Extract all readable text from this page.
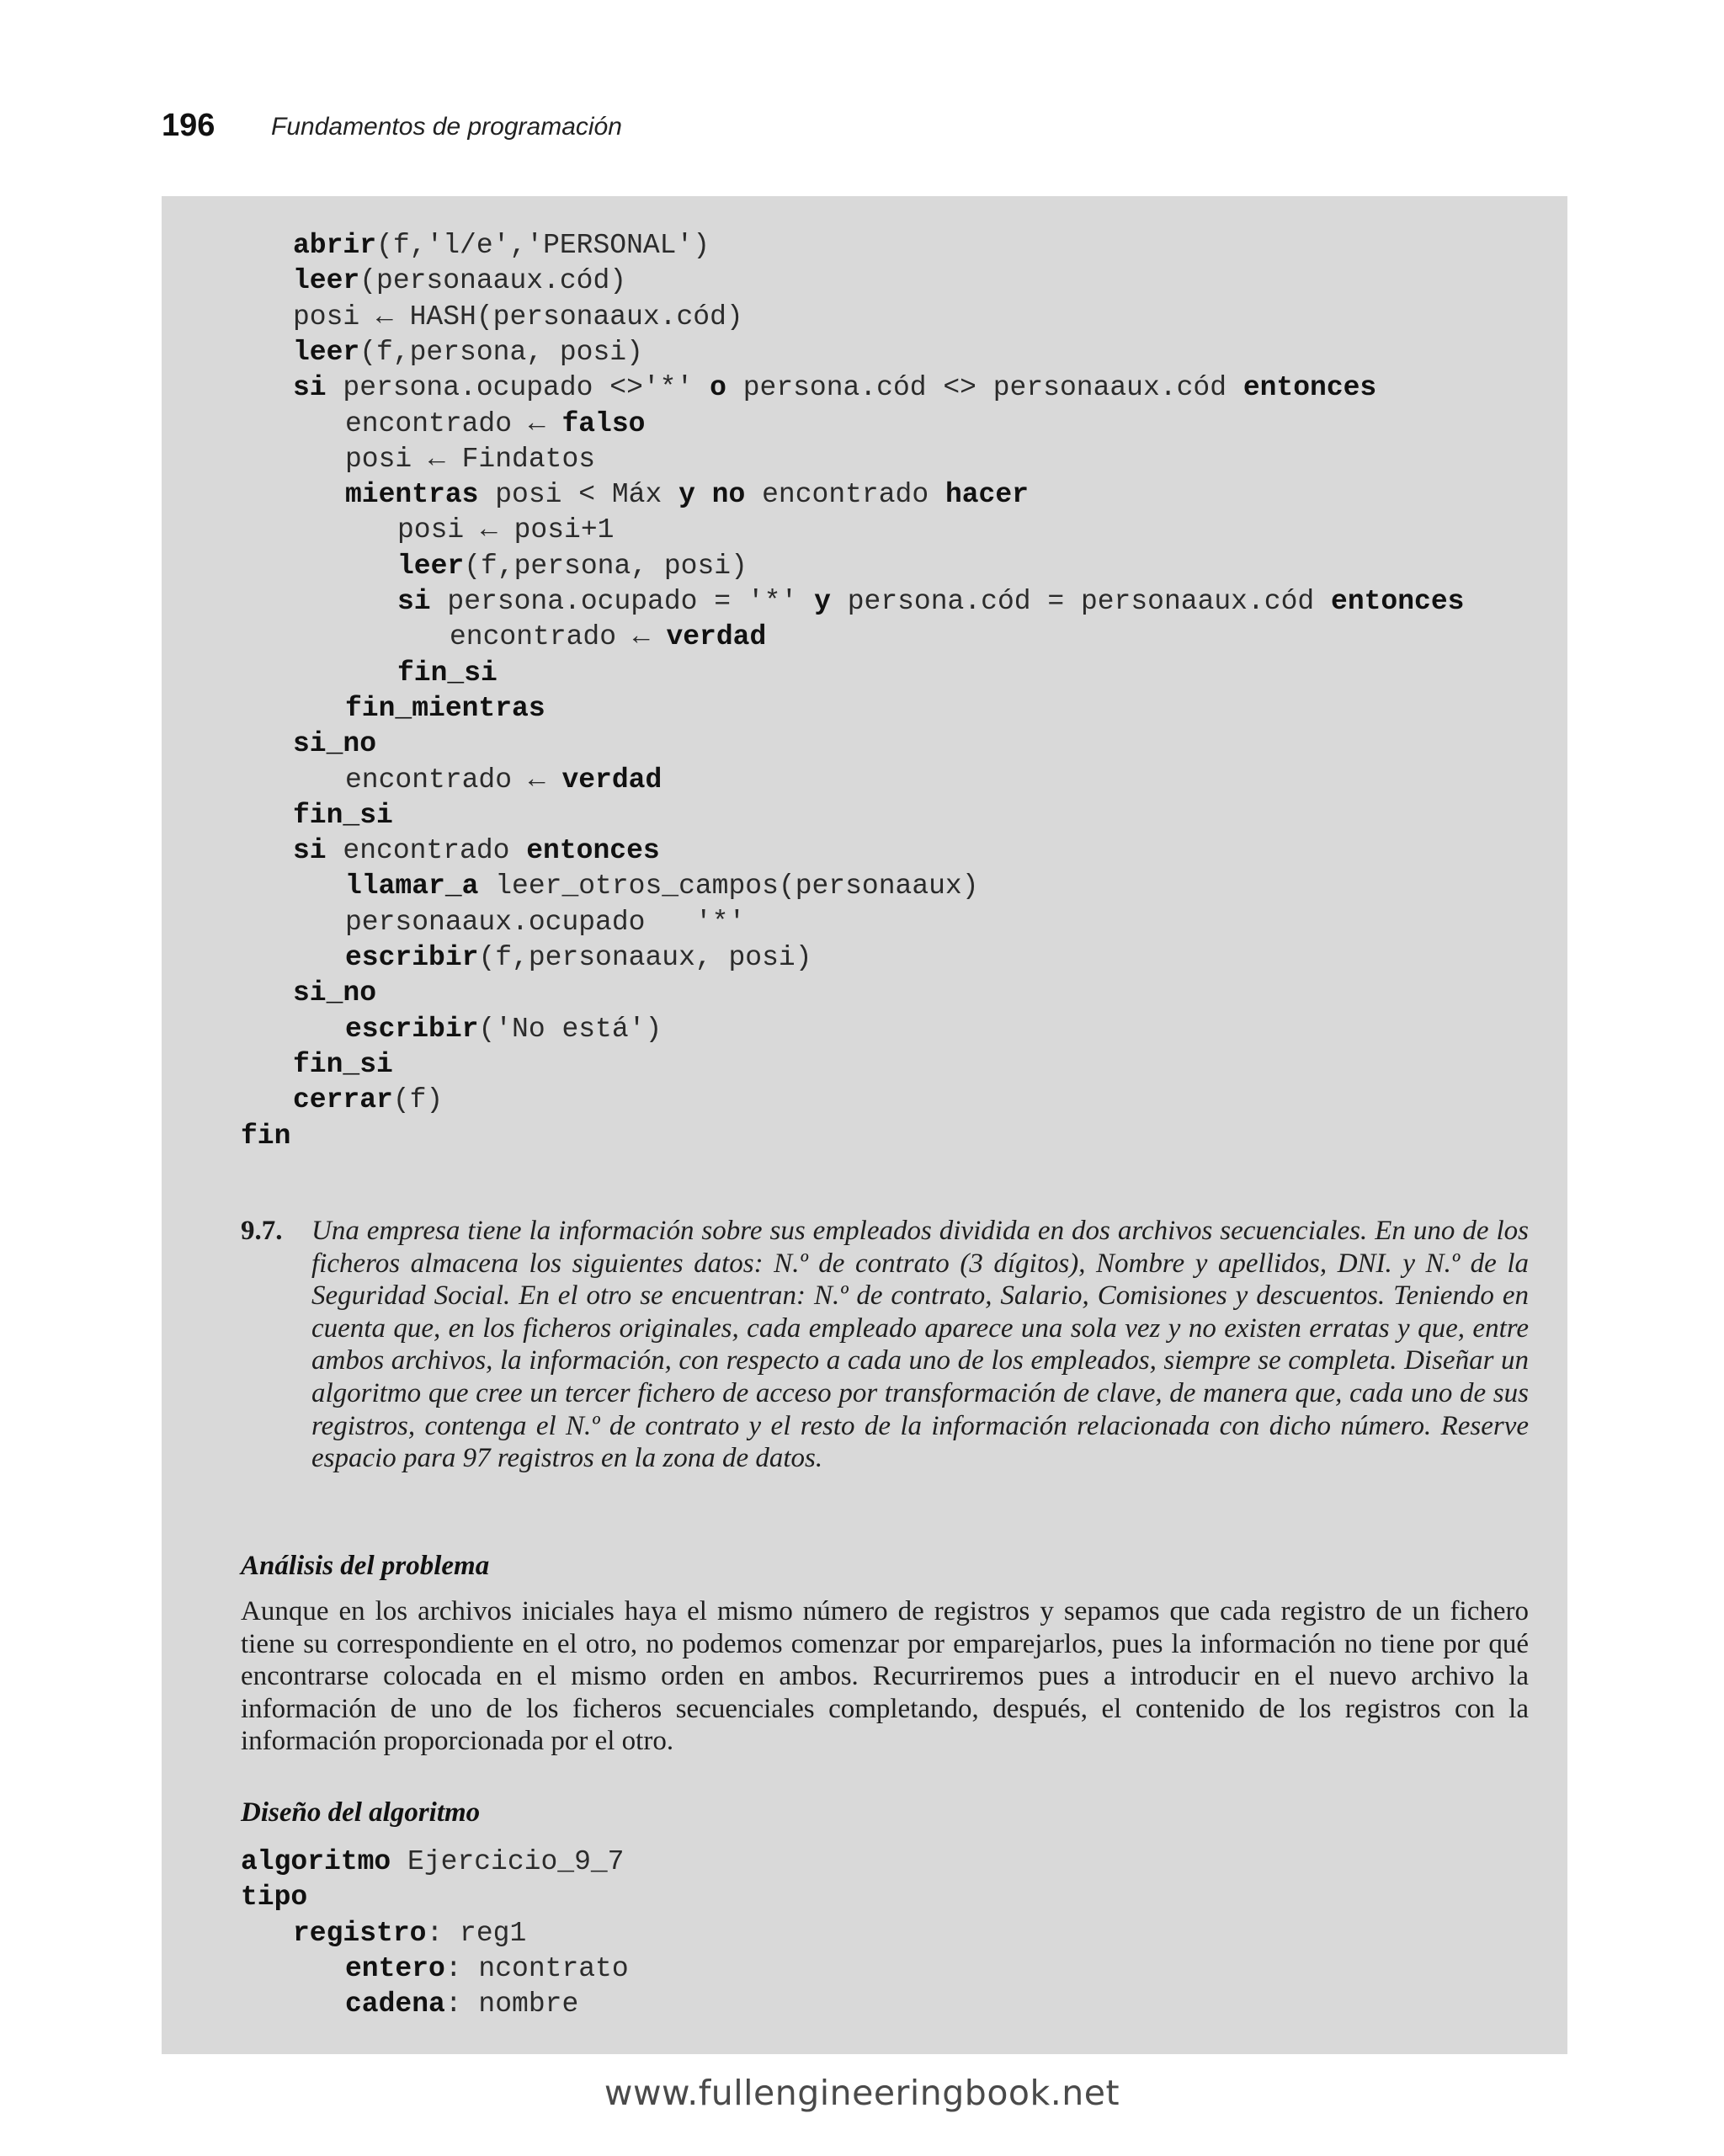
196 Fundamentos de programación
abrir(f,'l/e','PERSONAL')
leer(personaaux.cód)
posi ← HASH(personaaux.cód)
leer(f,persona, posi)
si persona.ocupado <>'*' o persona.cód <> personaaux.cód entonces
encontrado ← falso
posi ← Findatos
mientras posi < Máx y no encontrado hacer
posi ← posi+1
leer(f,persona, posi)
si persona.ocupado = '*' y persona.cód = personaaux.cód entonces
encontrado ← verdad
fin_si
fin_mientras
si_no
encontrado ← verdad
fin_si
si encontrado entonces
llamar_a leer_otros_campos(personaaux)
personaaux.ocupado   '*'
escribir(f,personaaux, posi)
si_no
escribir('No está')
fin_si
cerrar(f)
fin
9.7. Una empresa tiene la información sobre sus empleados dividida en dos archivos secuenciales. En uno de los ficheros almacena los siguientes datos: N.º de contrato (3 dígitos), Nombre y apellidos, DNI. y N.º de la Seguridad Social. En el otro se encuentran: N.º de contrato, Salario, Comisiones y descuentos. Teniendo en cuenta que, en los ficheros originales, cada empleado aparece una sola vez y no existen erratas y que, entre ambos archivos, la información, con respecto a cada uno de los empleados, siempre se completa. Diseñar un algoritmo que cree un tercer fichero de acceso por transformación de clave, de manera que, cada uno de sus registros, contenga el N.º de contrato y el resto de la información relacionada con dicho número. Reserve espacio para 97 registros en la zona de datos.

Análisis del problema

Aunque en los archivos iniciales haya el mismo número de registros y sepamos que cada registro de un fichero tiene su correspondiente en el otro, no podemos comenzar por emparejarlos, pues la información no tiene por qué encontrarse colocada en el mismo orden en ambos. Recurriremos pues a introducir en el nuevo archivo la información de uno de los ficheros secuenciales completando, después, el contenido de los registros con la información proporcionada por el otro.

Diseño del algoritmo
algoritmo Ejercicio_9_7
tipo
registro: reg1
entero: ncontrato
cadena: nombre
www.fullengineeringbook.net
